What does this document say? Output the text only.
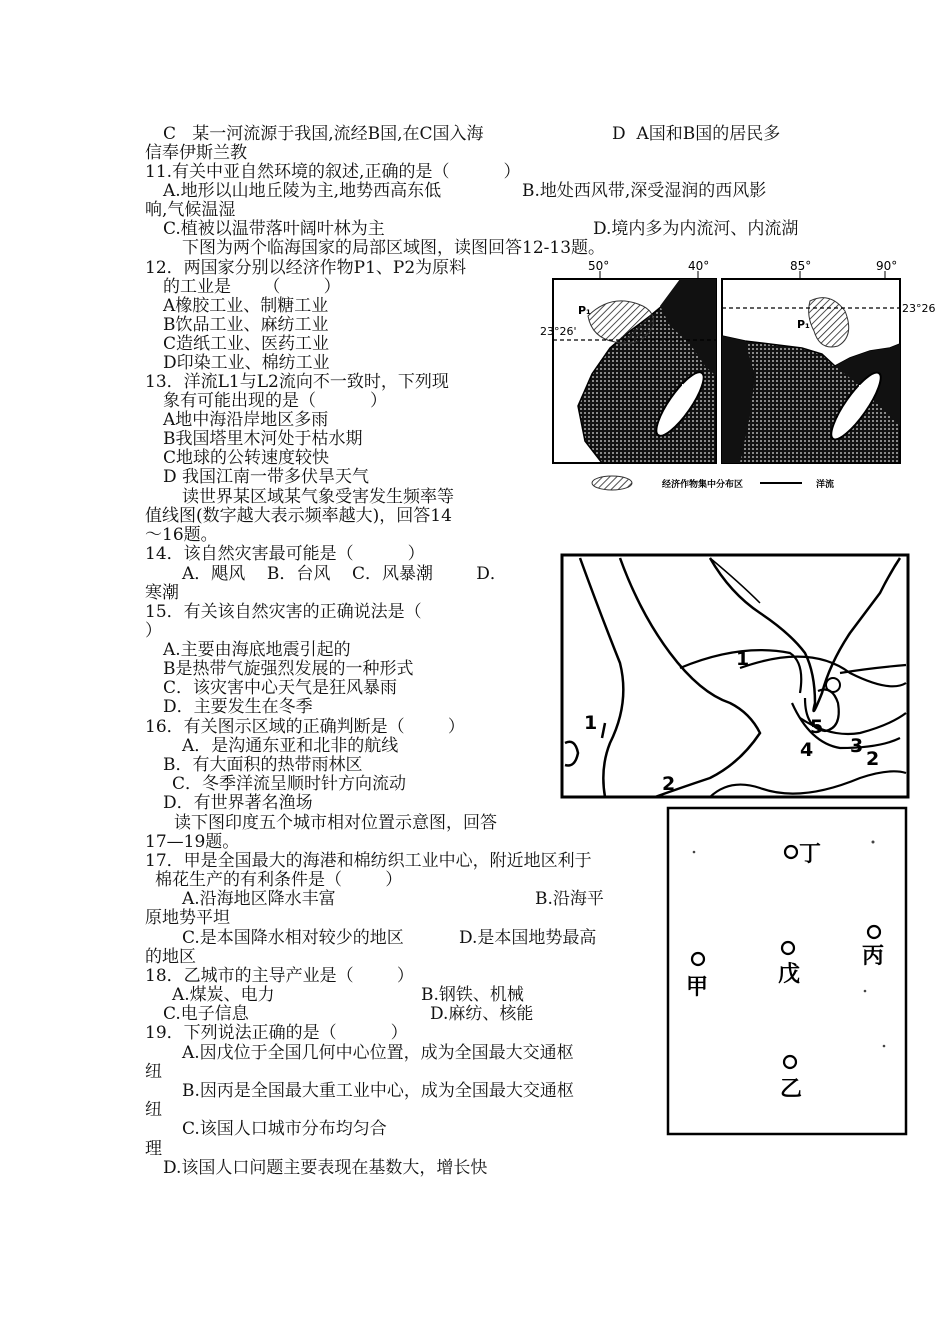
C   某一河流源于我国,流经B国,在C国入海	D  A国和B国的居民多
信奉伊斯兰教
11.有关中亚自然环境的叙述,正确的是（          ）
A.地形以山地丘陵为主,地势西高东低	B.地处西风带,深受湿润的西风影
响,气候温湿
C.植被以温带落叶阔叶林为主	D.境内多为内流河、内流湖
下图为两个临海国家的局部区域图，读图回答12-13题。
12．两国家分别以经济作物P1、P2为原料
的工业是      （        ）
A橡胶工业、制糖工业
B饮品工业、麻纺工业
C造纸工业、医药工业
D印染工业、棉纺工业
13．洋流L1与L2流向不一致时，下列现
象有可能出现的是（          ）
A地中海沿岸地区多雨
B我国塔里木河处于枯水期
C地球的公转速度较快
D 我国江南一带多伏旱天气
读世界某区域某气象受害发生频率等
值线图(数字越大表示频率越大)，回答14
～16题。
14．该自然灾害最可能是（          ）
A．飓风    B．台风    C．风暴潮        D．
寒潮
15．有关该自然灾害的正确说法是（
）
A.主要由海底地震引起的
B是热带气旋强烈发展的一种形式
C．该灾害中心天气是狂风暴雨
D．主要发生在冬季
16．有关图示区域的正确判断是（        ）
A．是沟通东亚和北非的航线
B．有大面积的热带雨林区
C．冬季洋流呈顺时针方向流动
D．有世界著名渔场
读下图印度五个城市相对位置示意图，回答
17—19题。
17．甲是全国最大的海港和棉纺织工业中心，附近地区利于
棉花生产的有利条件是（        ）
A.沿海地区降水丰富	B.沿海平
原地势平坦
C.是本国降水相对较少的地区	D.是本国地势最高
的地区
18．乙城市的主导产业是（        ）
A.煤炭、电力	B.钢铁、机械
C.电子信息	D.麻纺、核能
19．下列说法正确的是（          ）
A.因戊位于全国几何中心位置，成为全国最大交通枢
纽
B.因丙是全国最大重工业中心，成为全国最大交通枢
纽
C.该国人口城市分布均匀合
理
D.该国人口问题主要表现在基数大，增长快
50°	40°
23°26'
P₁
L₁
85°	90°
23°26
P₁
L₂
经济作物集中分布区	洋流
1
1	5
4 3
2
2
丁
丙
甲
戊
乙
